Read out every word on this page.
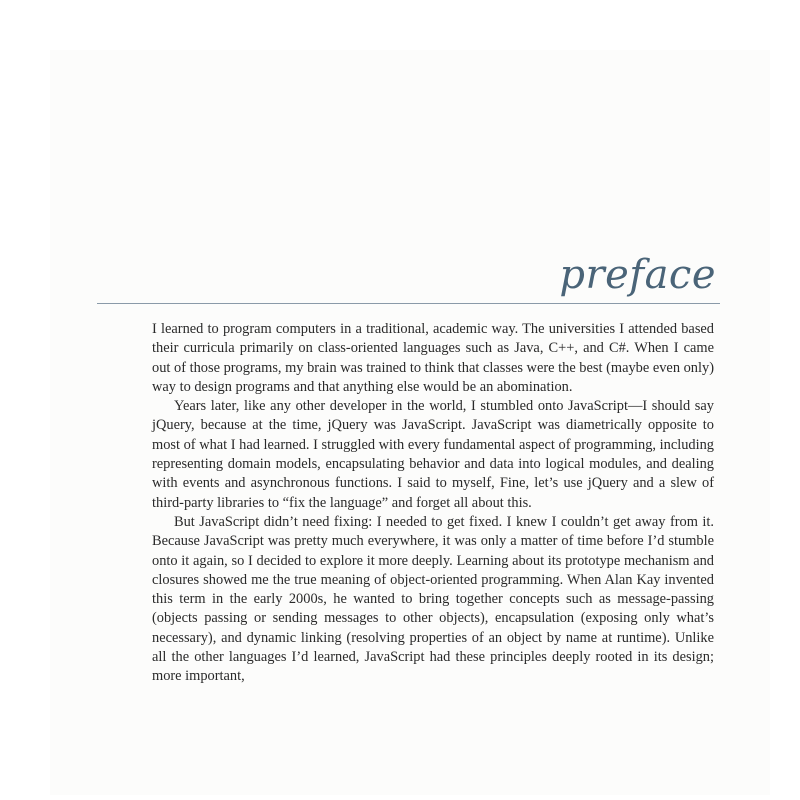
preface

I learned to program computers in a traditional, academic way. The universities I attended based their curricula primarily on class-oriented languages such as Java, C++, and C#. When I came out of those programs, my brain was trained to think that classes were the best (maybe even only) way to design programs and that anything else would be an abomination.

Years later, like any other developer in the world, I stumbled onto JavaScript—I should say jQuery, because at the time, jQuery was JavaScript. JavaScript was diametrically opposite to most of what I had learned. I struggled with every fundamental aspect of programming, including representing domain models, encapsulating behavior and data into logical modules, and dealing with events and asynchronous functions. I said to myself, Fine, let’s use jQuery and a slew of third-party libraries to “fix the language” and forget all about this.

But JavaScript didn’t need fixing: I needed to get fixed. I knew I couldn’t get away from it. Because JavaScript was pretty much everywhere, it was only a matter of time before I’d stumble onto it again, so I decided to explore it more deeply. Learning about its prototype mechanism and closures showed me the true meaning of object-oriented programming. When Alan Kay invented this term in the early 2000s, he wanted to bring together concepts such as message-passing (objects passing or sending messages to other objects), encapsulation (exposing only what’s necessary), and dynamic linking (resolving properties of an object by name at runtime). Unlike all the other languages I’d learned, JavaScript had these principles deeply rooted in its design; more important,
